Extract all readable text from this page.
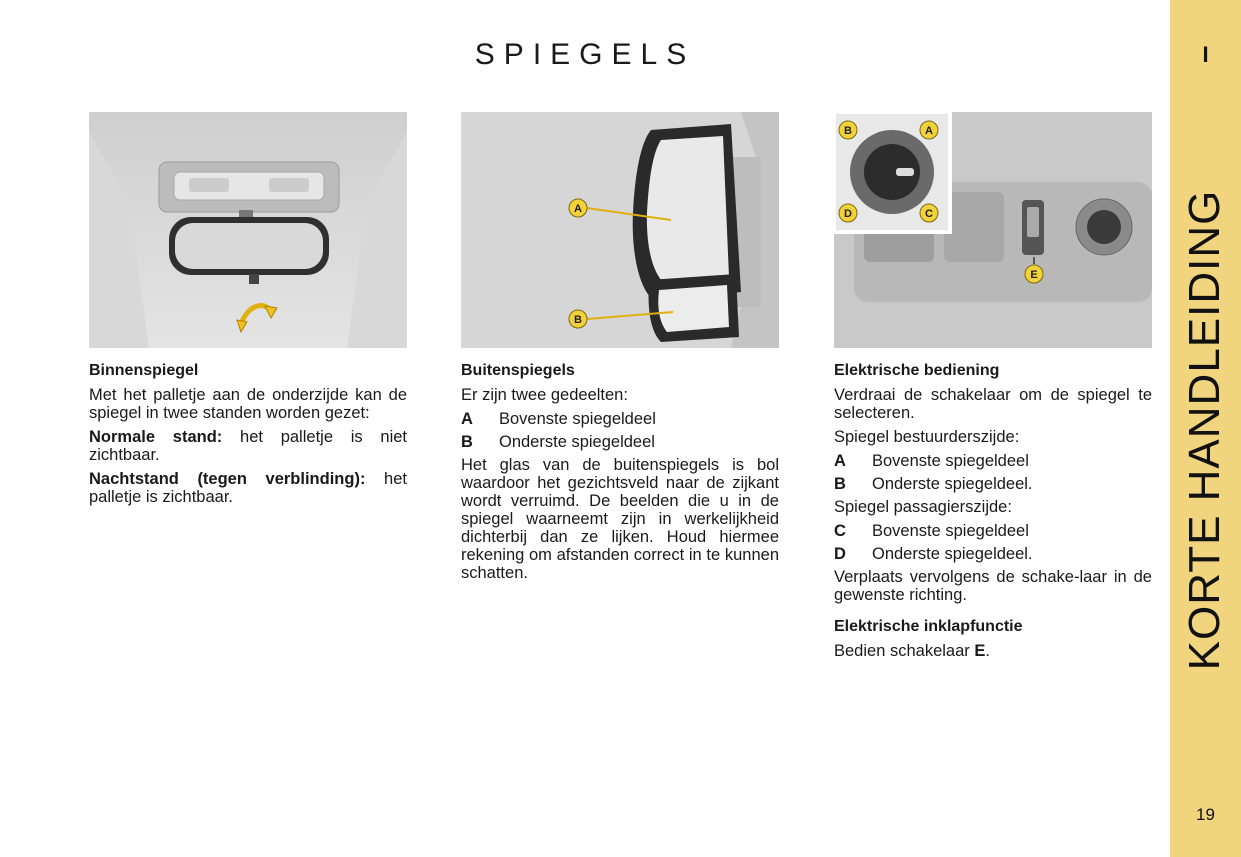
SPIEGELS	I
KORTE HANDLEIDING
19
A
B
A
B
C
D
E
Binnenspiegel

Met het palletje aan de onderzijde kan de spiegel in twee standen worden gezet:

Normale stand: het palletje is niet zichtbaar.

Nachtstand (tegen verblinding): het palletje is zichtbaar.

Buitenspiegels

Er zijn twee gedeelten:

A	Bovenste spiegeldeel
B	Onderste spiegeldeel

Het glas van de buitenspiegels is bol waardoor het gezichtsveld naar de zijkant wordt verruimd. De beelden die u in de spiegel waarneemt zijn in werkelijkheid dichterbij dan ze lijken. Houd hiermee rekening om afstanden correct in te kunnen schatten.

Elektrische bediening

Verdraai de schakelaar om de spiegel te selecteren.

Spiegel bestuurderszijde:

A	Bovenste spiegeldeel
B	Onderste spiegeldeel.

Spiegel passagierszijde:

C	Bovenste spiegeldeel
D	Onderste spiegeldeel.

Verplaats vervolgens de schake-laar in de gewenste richting.

Elektrische inklapfunctie

Bedien schakelaar E.
